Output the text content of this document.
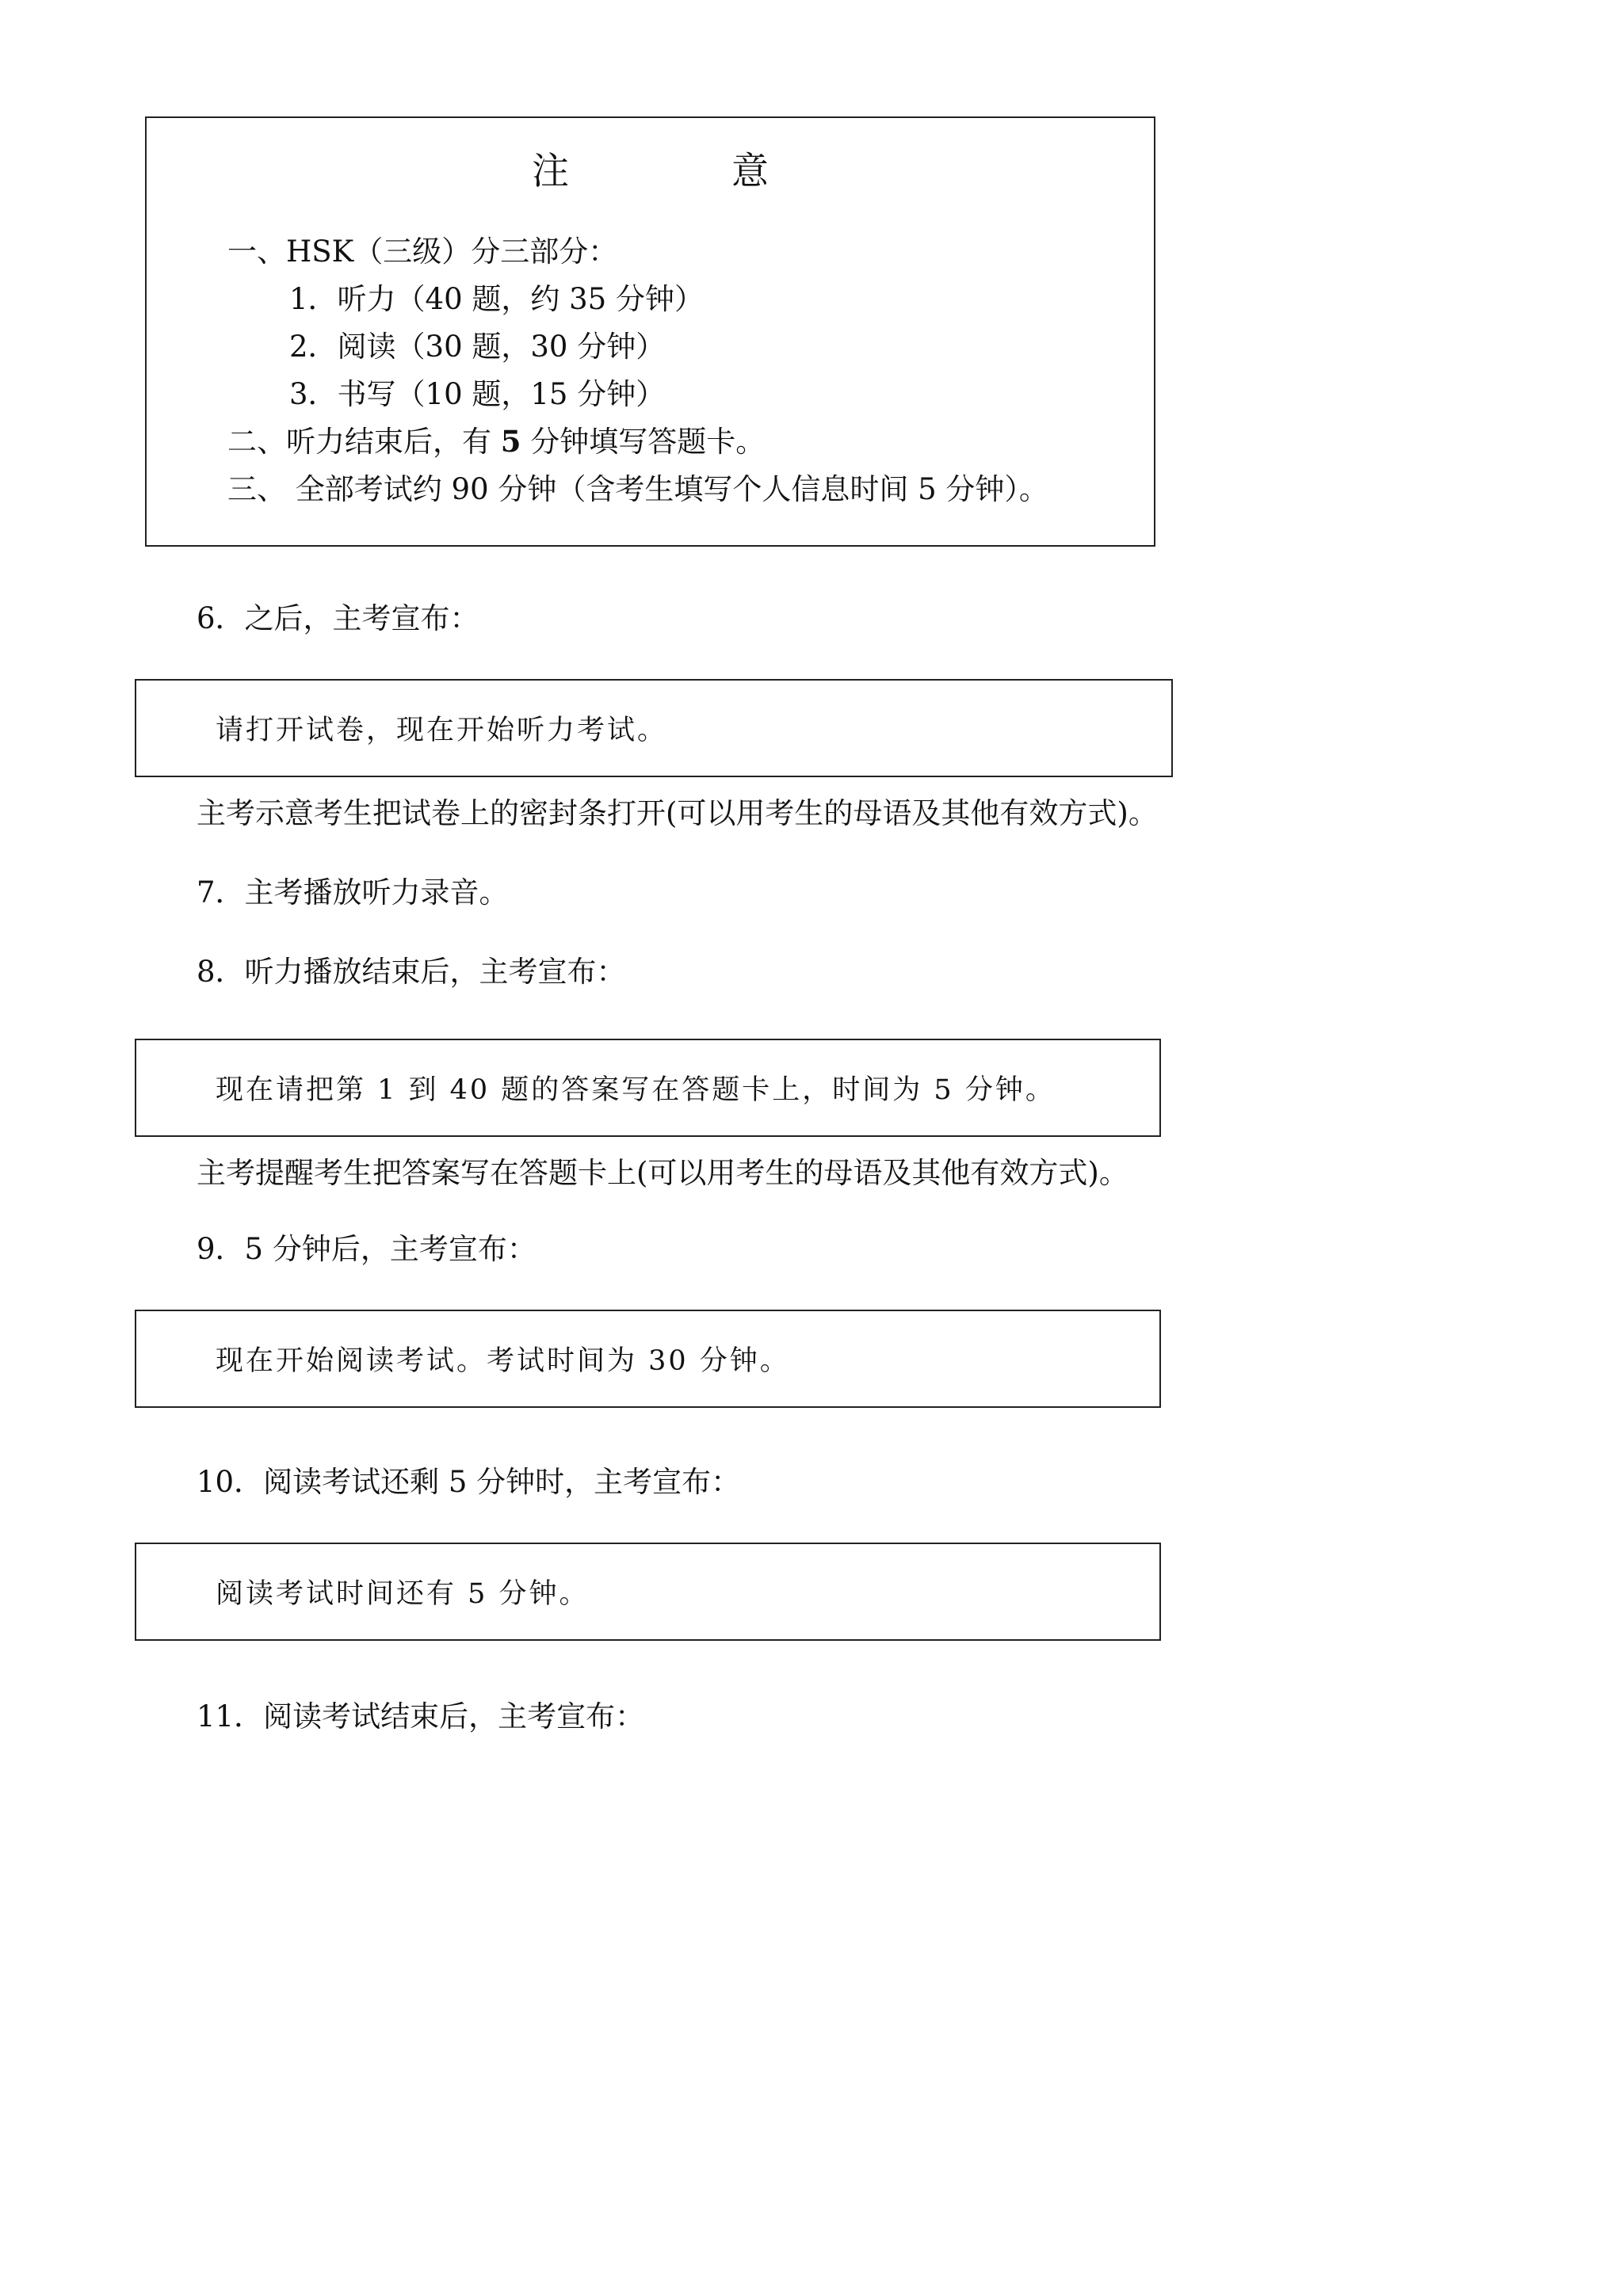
注 意
一、HSK（三级）分三部分：
1．听力（40 题，约 35 分钟）
2．阅读（30 题，30 分钟）
3．书写（10 题，15 分钟）
二、听力结束后，有 5 分钟填写答题卡。
三、 全部考试约 90 分钟（含考生填写个人信息时间 5 分钟）。
6．之后，主考宣布：
请打开试卷，现在开始听力考试。
主考示意考生把试卷上的密封条打开(可以用考生的母语及其他有效方式)。
7．主考播放听力录音。
8．听力播放结束后，主考宣布：
现在请把第 1 到 40 题的答案写在答题卡上，时间为 5 分钟。
主考提醒考生把答案写在答题卡上(可以用考生的母语及其他有效方式)。
9．5 分钟后，主考宣布：
现在开始阅读考试。考试时间为 30 分钟。
10．阅读考试还剩 5 分钟时，主考宣布：
阅读考试时间还有 5 分钟。
11．阅读考试结束后，主考宣布：
